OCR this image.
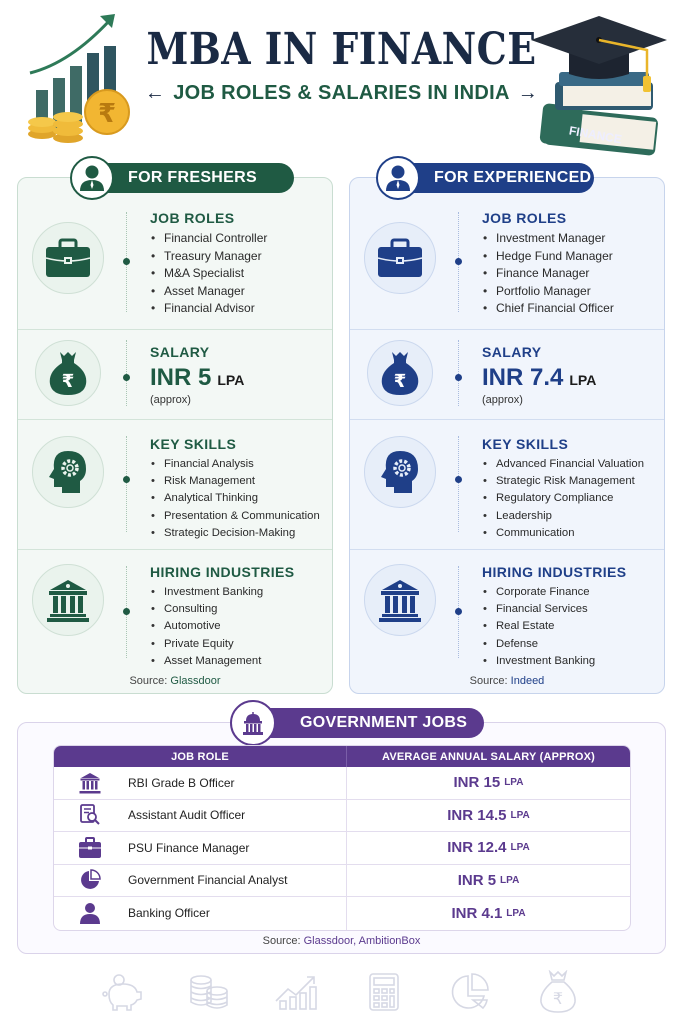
₹
MBA IN FINANCE
← JOB ROLES & SALARIES IN INDIA →
FINANCE
FOR FRESHERS
JOB ROLES
• Financial Controller
• Treasury Manager
• M&A Specialist
• Asset Manager
• Financial Advisor
₹
SALARY
INR 5 LPA
(approx)
KEY SKILLS
• Financial Analysis
• Risk Management
• Analytical Thinking
• Presentation & Communication
• Strategic Decision-Making
HIRING INDUSTRIES
• Investment Banking
• Consulting
• Automotive
• Private Equity
• Asset Management
Source: Glassdoor
FOR EXPERIENCED
JOB ROLES
• Investment Manager
• Hedge Fund Manager
• Finance Manager
• Portfolio Manager
• Chief Financial Officer
₹
SALARY
INR 7.4 LPA
(approx)
KEY SKILLS
• Advanced Financial Valuation
• Strategic Risk Management
• Regulatory Compliance
• Leadership
• Communication
HIRING INDUSTRIES
• Corporate Finance
• Financial Services
• Real Estate
• Defense
• Investment Banking
Source: Indeed
GOVERNMENT JOBS
JOB ROLE	AVERAGE ANNUAL SALARY (APPROX)
RBI Grade B Officer	INR 15 LPA
Assistant Audit Officer	INR 14.5 LPA
PSU Finance Manager	INR 12.4 LPA
Government Financial Analyst	INR 5 LPA
Banking Officer	INR 4.1 LPA
Source: Glassdoor, AmbitionBox
₹
